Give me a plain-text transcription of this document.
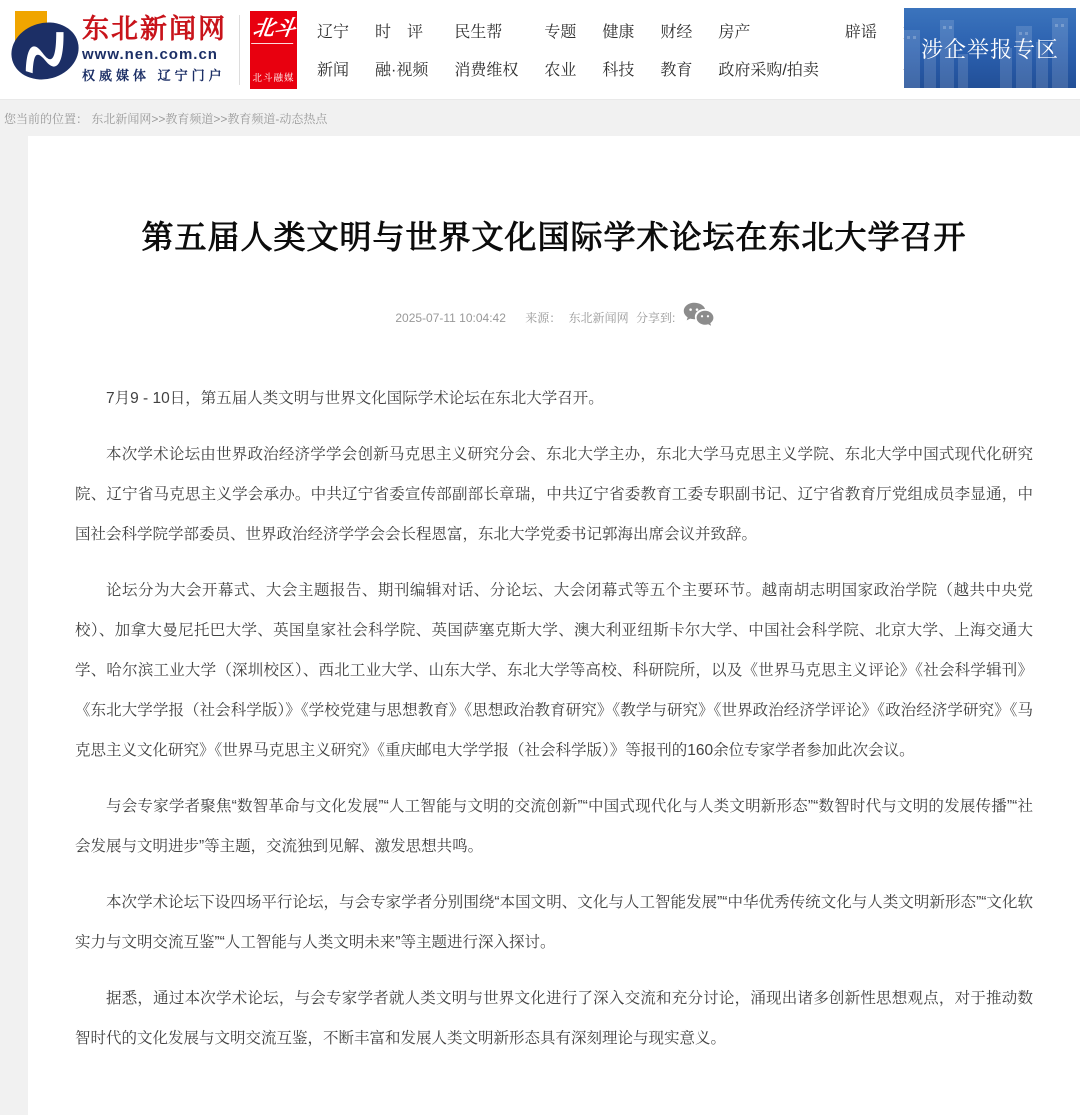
东北新闻网
www.nen.com.cn
权威媒体 辽宁门户
北斗
北斗融媒
辽宁
新闻
时　评
融·视频
民生帮
消费维权
专题
农业
健康
科技
财经
教育
房产
政府采购/拍卖
辟谣
涉企举报专区
您当前的位置： 东北新闻网>>教育频道>>教育频道-动态热点
第五届人类文明与世界文化国际学术论坛在东北大学召开
2025-07-11 10:04:42 来源： 东北新闻网 分享到:

7月9 - 10日，第五届人类文明与世界文化国际学术论坛在东北大学召开。

本次学术论坛由世界政治经济学学会创新马克思主义研究分会、东北大学主办，东北大学马克思主义学院、东北大学中国式现代化研究院、辽宁省马克思主义学会承办。中共辽宁省委宣传部副部长章瑞，中共辽宁省委教育工委专职副书记、辽宁省教育厅党组成员李显通，中国社会科学院学部委员、世界政治经济学学会会长程恩富，东北大学党委书记郭海出席会议并致辞。

论坛分为大会开幕式、大会主题报告、期刊编辑对话、分论坛、大会闭幕式等五个主要环节。越南胡志明国家政治学院（越共中央党校）、加拿大曼尼托巴大学、英国皇家社会科学院、英国萨塞克斯大学、澳大利亚纽斯卡尔大学、中国社会科学院、北京大学、上海交通大学、哈尔滨工业大学（深圳校区）、西北工业大学、山东大学、东北大学等高校、科研院所，以及《世界马克思主义评论》《社会科学辑刊》《东北大学学报（社会科学版）》《学校党建与思想教育》《思想政治教育研究》《教学与研究》《世界政治经济学评论》《政治经济学研究》《马克思主义文化研究》《世界马克思主义研究》《重庆邮电大学学报（社会科学版）》等报刊的160余位专家学者参加此次会议。

与会专家学者聚焦“数智革命与文化发展”“人工智能与文明的交流创新”“中国式现代化与人类文明新形态”“数智时代与文明的发展传播”“社会发展与文明进步”等主题，交流独到见解、激发思想共鸣。

本次学术论坛下设四场平行论坛，与会专家学者分别围绕“本国文明、文化与人工智能发展”“中华优秀传统文化与人类文明新形态”“文化软实力与文明交流互鉴”“人工智能与人类文明未来”等主题进行深入探讨。

据悉，通过本次学术论坛，与会专家学者就人类文明与世界文化进行了深入交流和充分讨论，涌现出诸多创新性思想观点，对于推动数智时代的文化发展与文明交流互鉴，不断丰富和发展人类文明新形态具有深刻理论与现实意义。
